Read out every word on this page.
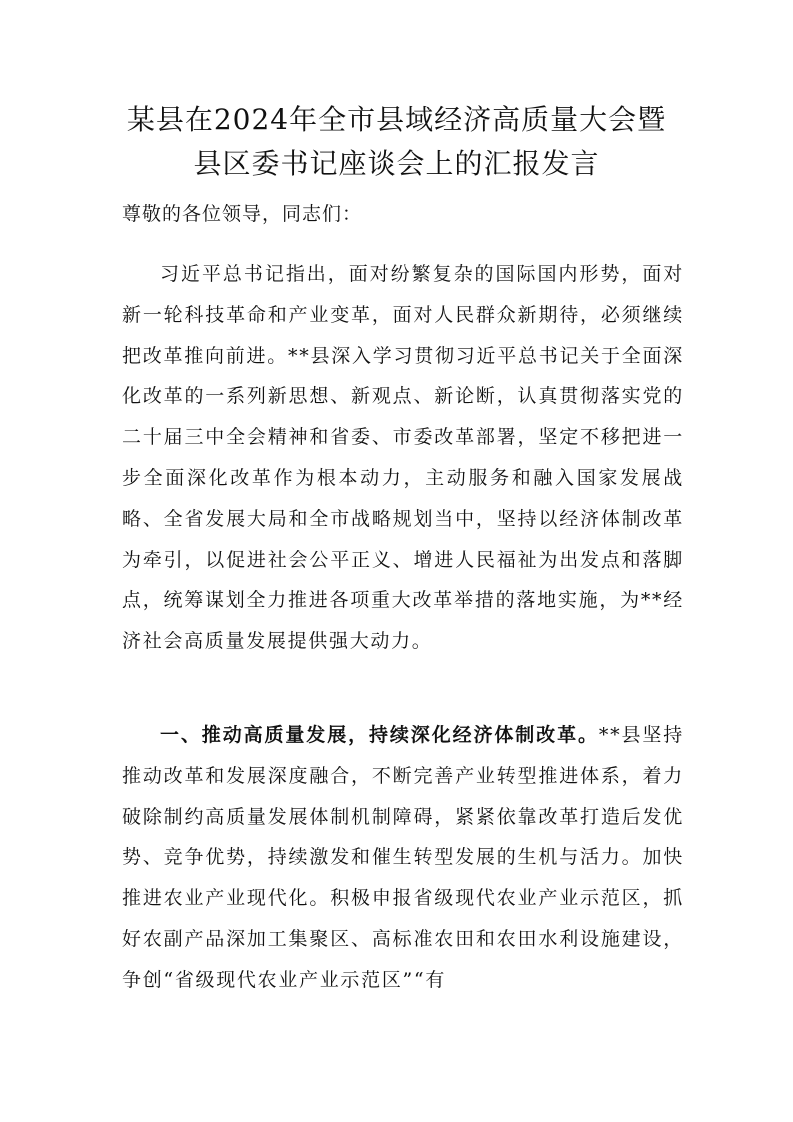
某县在2024年全市县域经济高质量大会暨
县区委书记座谈会上的汇报发言

尊敬的各位领导，同志们：

习近平总书记指出，面对纷繁复杂的国际国内形势，面对新一轮科技革命和产业变革，面对人民群众新期待，必须继续把改革推向前进。**县深入学习贯彻习近平总书记关于全面深化改革的一系列新思想、新观点、新论断，认真贯彻落实党的二十届三中全会精神和省委、市委改革部署，坚定不移把进一步全面深化改革作为根本动力，主动服务和融入国家发展战略、全省发展大局和全市战略规划当中，坚持以经济体制改革为牵引，以促进社会公平正义、增进人民福祉为出发点和落脚点，统筹谋划全力推进各项重大改革举措的落地实施，为**经济社会高质量发展提供强大动力。

一、推动高质量发展，持续深化经济体制改革。**县坚持推动改革和发展深度融合，不断完善产业转型推进体系，着力破除制约高质量发展体制机制障碍，紧紧依靠改革打造后发优势、竞争优势，持续激发和催生转型发展的生机与活力。加快推进农业产业现代化。积极申报省级现代农业产业示范区，抓好农副产品深加工集聚区、高标准农田和农田水利设施建设，争创“省级现代农业产业示范区”“有
